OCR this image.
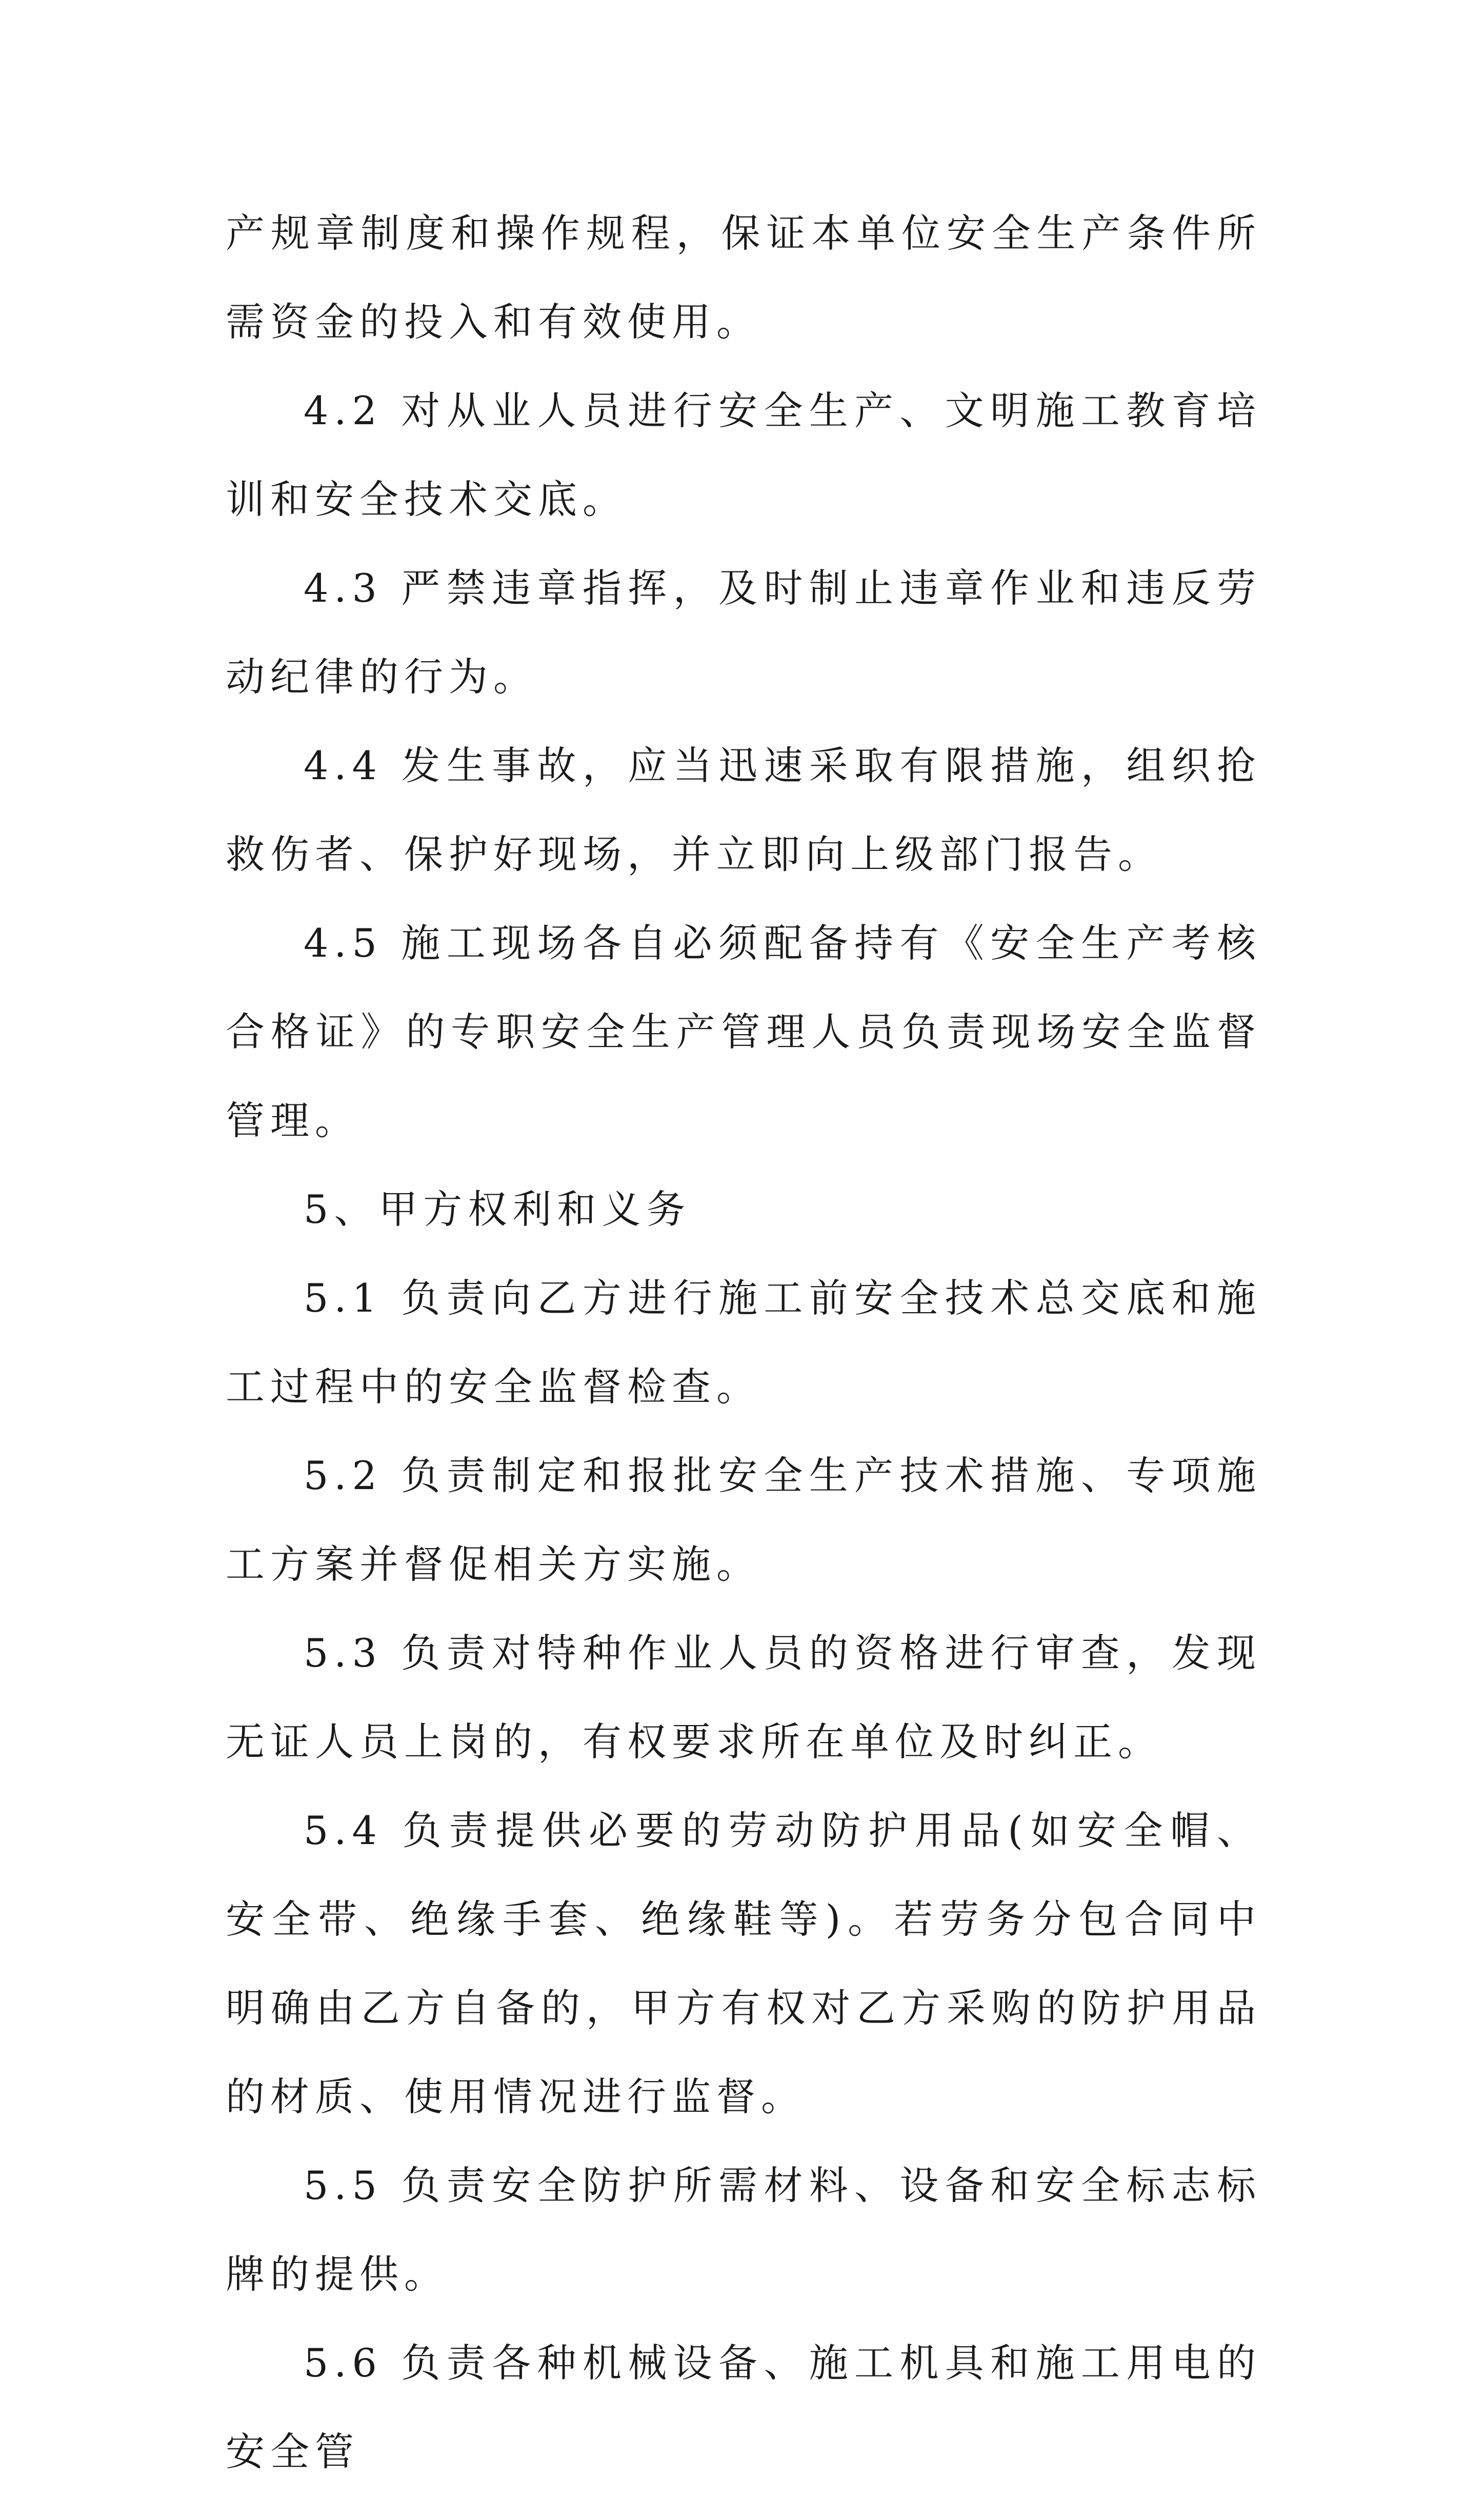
产规章制度和操作规程，保证本单位安全生产条件所需资金的投入和有效使用。

4.2 对从业人员进行安全生产、文明施工教育培训和安全技术交底。

4.3 严禁违章指挥，及时制止违章作业和违反劳动纪律的行为。

4.4 发生事故，应当迅速采取有限措施，组织抢救伤者、保护好现场，并立即向上级部门报告。

4.5 施工现场各自必须配备持有《安全生产考核合格证》的专职安全生产管理人员负责现场安全监督管理。

5、甲方权利和义务

5.1 负责向乙方进行施工前安全技术总交底和施工过程中的安全监督检查。

5.2 负责制定和报批安全生产技术措施、专项施工方案并督促相关方实施。

5.3 负责对特种作业人员的资格进行审查，发现无证人员上岗的，有权要求所在单位及时纠正。

5.4 负责提供必要的劳动防护用品(如安全帽、安全带、绝缘手套、绝缘鞋等)。若劳务分包合同中明确由乙方自备的，甲方有权对乙方采购的防护用品的材质、使用情况进行监督。

5.5 负责安全防护所需材料、设备和安全标志标牌的提供。

5.6 负责各种机械设备、施工机具和施工用电的安全管
